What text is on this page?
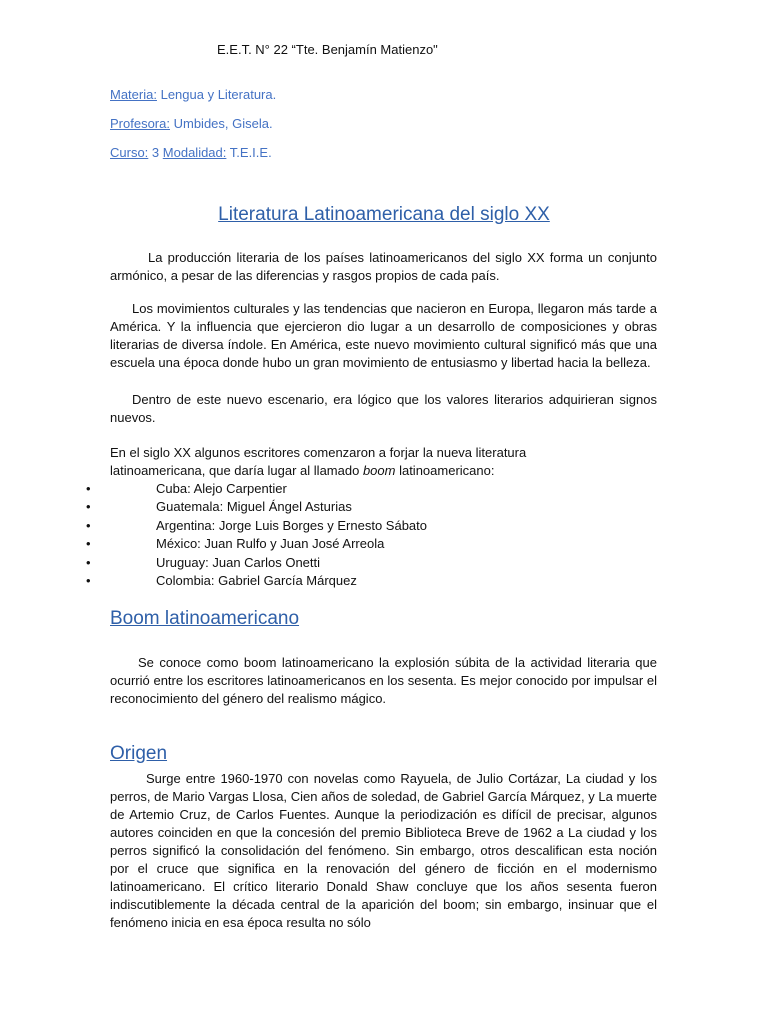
E.E.T. N° 22 “Tte. Benjamín Matienzo"
Materia: Lengua y Literatura.
Profesora: Umbides, Gisela.
Curso: 3 Modalidad: T.E.I.E.
Literatura Latinoamericana del siglo XX

La producción literaria de los países latinoamericanos del siglo XX forma un conjunto armónico, a pesar de las diferencias y rasgos propios de cada país.

Los movimientos culturales y las tendencias que nacieron en Europa, llegaron más tarde a América. Y la influencia que ejercieron dio lugar a un desarrollo de composiciones y obras literarias de diversa índole. En América, este nuevo movimiento cultural significó más que una escuela una época donde hubo un gran movimiento de entusiasmo y libertad hacia la belleza.

Dentro de este nuevo escenario, era lógico que los valores literarios adquirieran signos nuevos.

En el siglo XX algunos escritores comenzaron a forjar la nueva literatura latinoamericana, que daría lugar al llamado boom latinoamericano:

•	Cuba: Alejo Carpentier
•	Guatemala: Miguel Ángel Asturias
•	Argentina: Jorge Luis Borges y Ernesto Sábato
•	México: Juan Rulfo y Juan José Arreola
•	Uruguay: Juan Carlos Onetti
•	Colombia: Gabriel García Márquez
Boom latinoamericano

Se conoce como boom latinoamericano la explosión súbita de la actividad literaria que ocurrió entre los escritores latinoamericanos en los sesenta. Es mejor conocido por impulsar el reconocimiento del género del realismo mágico.

Origen

Surge entre 1960-1970 con novelas como Rayuela, de Julio Cortázar, La ciudad y los perros, de Mario Vargas Llosa, Cien años de soledad, de Gabriel García Márquez, y La muerte de Artemio Cruz, de Carlos Fuentes. Aunque la periodización es difícil de precisar, algunos autores coinciden en que la concesión del premio Biblioteca Breve de 1962 a La ciudad y los perros significó la consolidación del fenómeno. Sin embargo, otros descalifican esta noción por el cruce que significa en la renovación del género de ficción en el modernismo latinoamericano. El crítico literario Donald Shaw concluye que los años sesenta fueron indiscutiblemente la década central de la aparición del boom; sin embargo, insinuar que el fenómeno inicia en esa época resulta no sólo
